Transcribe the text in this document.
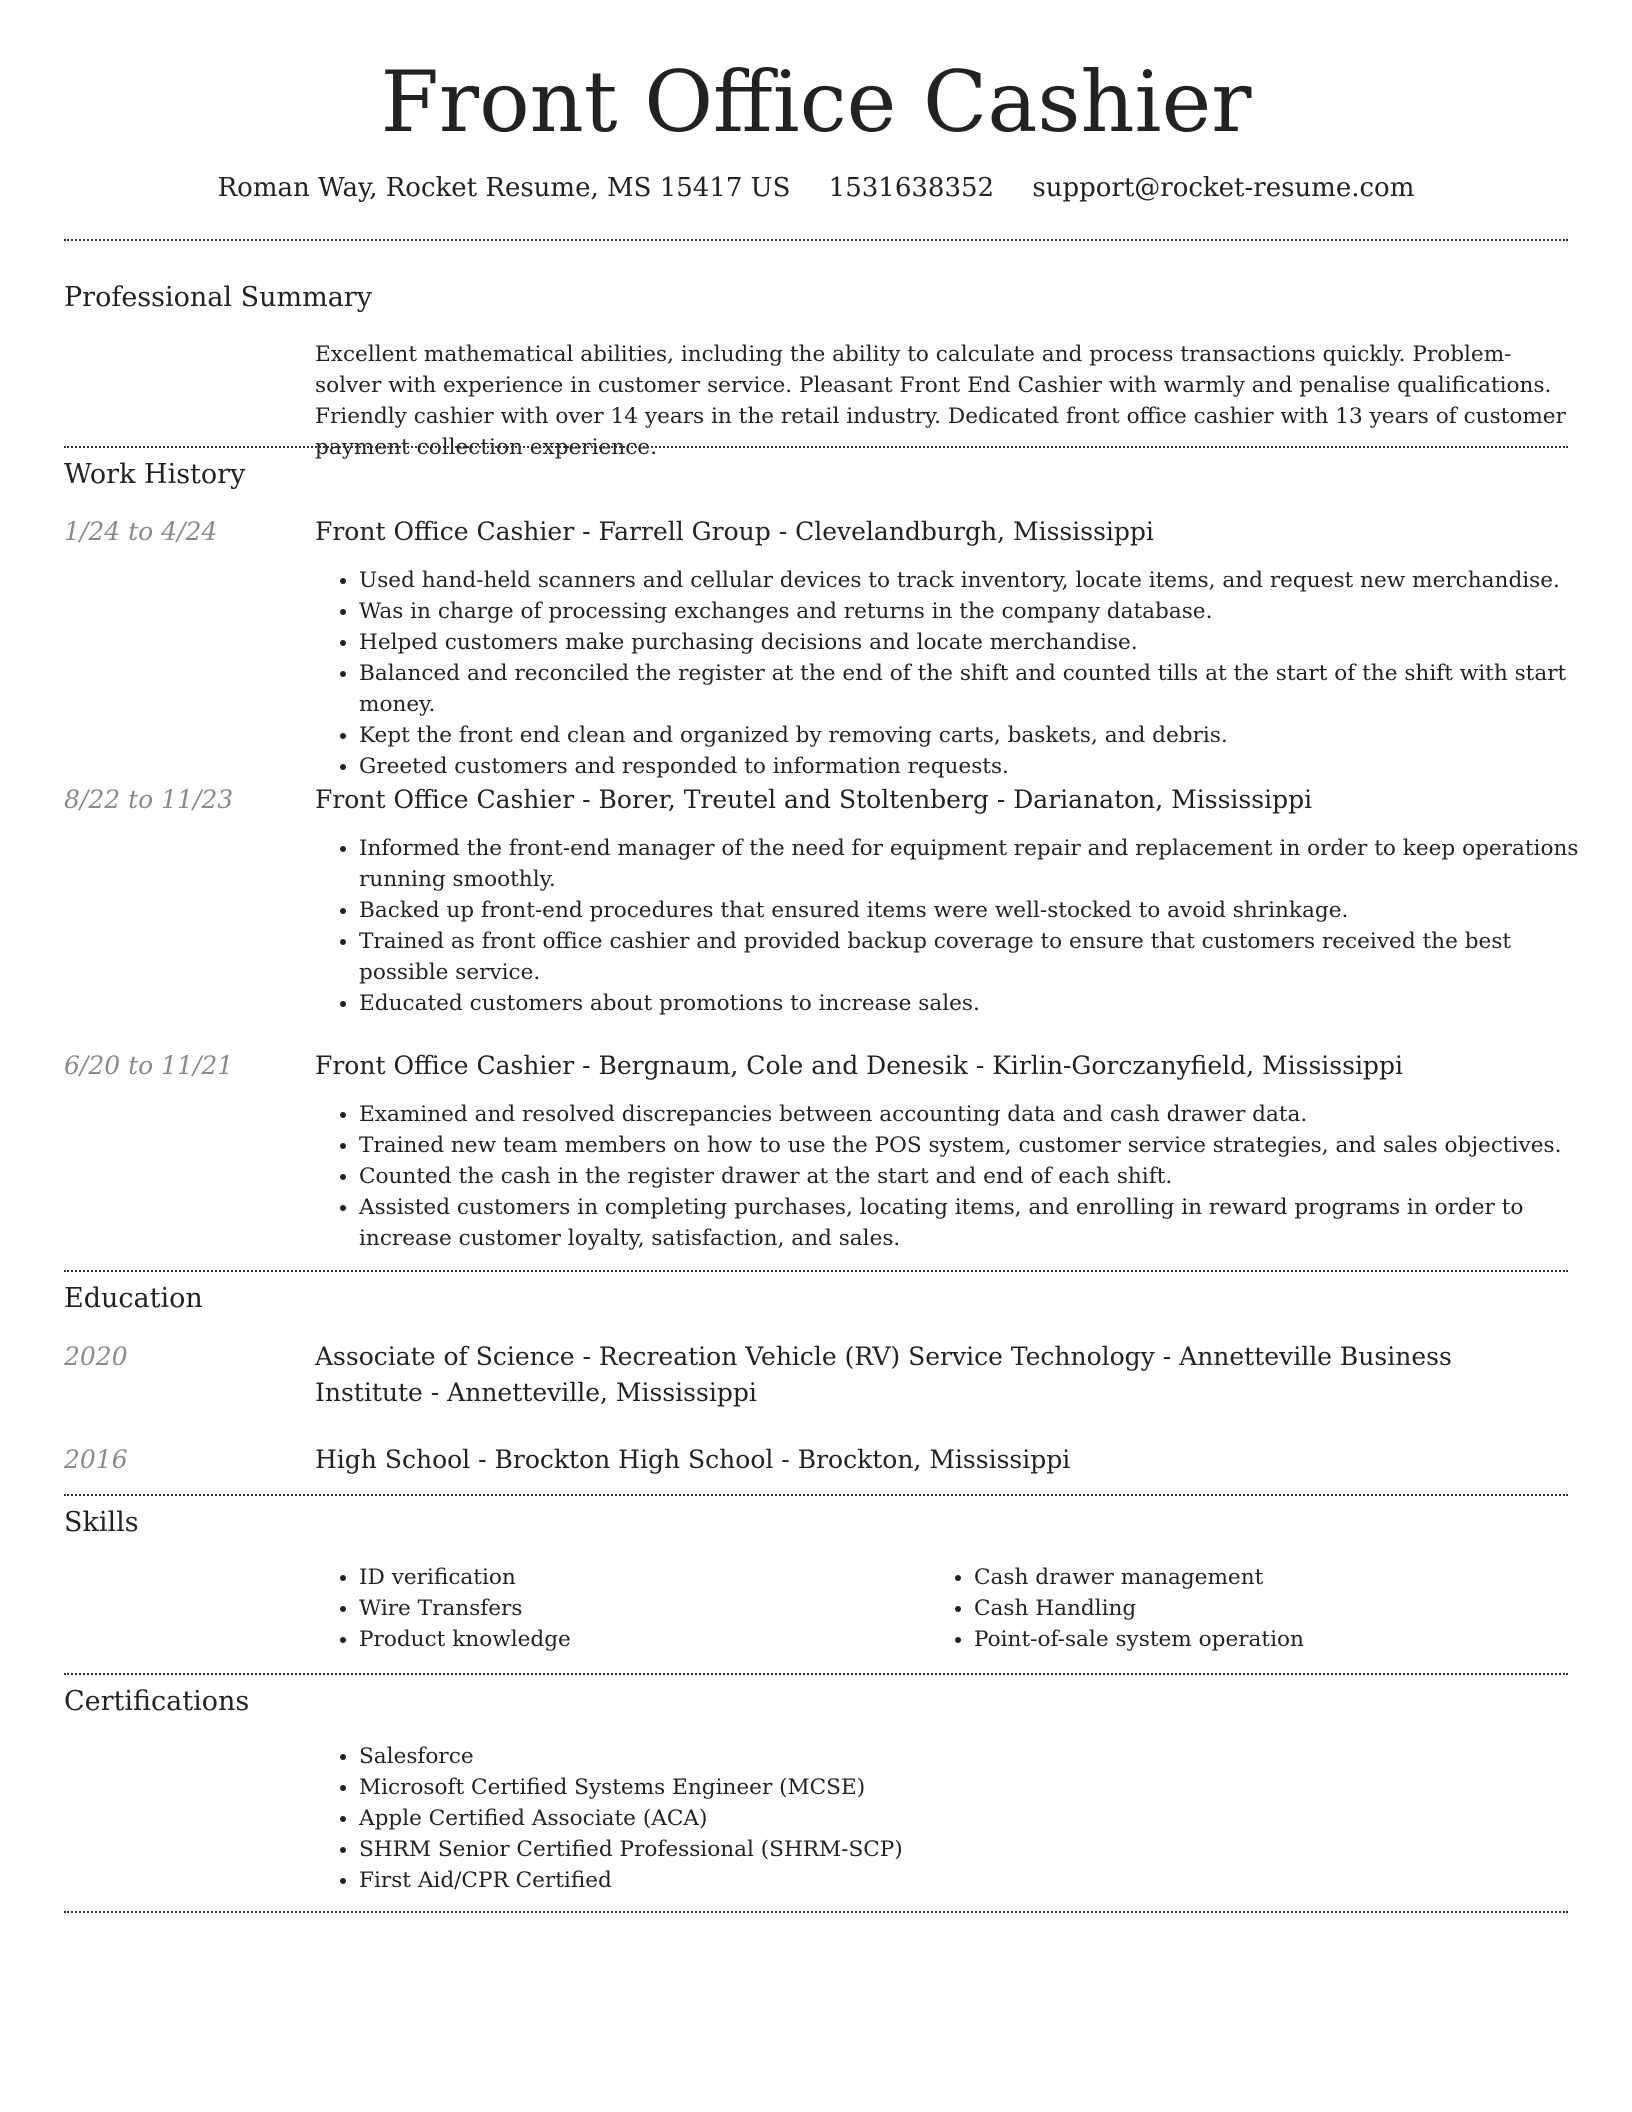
Front Office Cashier
Roman Way, Rocket Resume, MS 15417 US 1531638352 support@rocket-resume.com
Professional Summary

Excellent mathematical abilities, including the ability to calculate and process transactions quickly. Problem-solver with experience in customer service. Pleasant Front End Cashier with warmly and penalise qualifications. Friendly cashier with over 14 years in the retail industry. Dedicated front office cashier with 13 years of customer payment collection experience.

Work History
1/24 to 4/24	Front Office Cashier - Farrell Group - Clevelandburgh, Mississippi
• Used hand-held scanners and cellular devices to track inventory, locate items, and request new merchandise.
• Was in charge of processing exchanges and returns in the company database.
• Helped customers make purchasing decisions and locate merchandise.
• Balanced and reconciled the register at the end of the shift and counted tills at the start of the shift with start money.
• Kept the front end clean and organized by removing carts, baskets, and debris.
• Greeted customers and responded to information requests.
8/22 to 11/23	Front Office Cashier - Borer, Treutel and Stoltenberg - Darianaton, Mississippi
• Informed the front-end manager of the need for equipment repair and replacement in order to keep operations running smoothly.
• Backed up front-end procedures that ensured items were well-stocked to avoid shrinkage.
• Trained as front office cashier and provided backup coverage to ensure that customers received the best possible service.
• Educated customers about promotions to increase sales.
6/20 to 11/21	Front Office Cashier - Bergnaum, Cole and Denesik - Kirlin-Gorczanyfield, Mississippi
• Examined and resolved discrepancies between accounting data and cash drawer data.
• Trained new team members on how to use the POS system, customer service strategies, and sales objectives.
• Counted the cash in the register drawer at the start and end of each shift.
• Assisted customers in completing purchases, locating items, and enrolling in reward programs in order to increase customer loyalty, satisfaction, and sales.
Education
2020	Associate of Science - Recreation Vehicle (RV) Service Technology - Annetteville Business Institute - Annetteville, Mississippi
2016	High School - Brockton High School - Brockton, Mississippi
Skills
• ID verification
• Wire Transfers
• Product knowledge
• Cash drawer management
• Cash Handling
• Point-of-sale system operation
Certifications
• Salesforce
• Microsoft Certified Systems Engineer (MCSE)
• Apple Certified Associate (ACA)
• SHRM Senior Certified Professional (SHRM-SCP)
• First Aid/CPR Certified
